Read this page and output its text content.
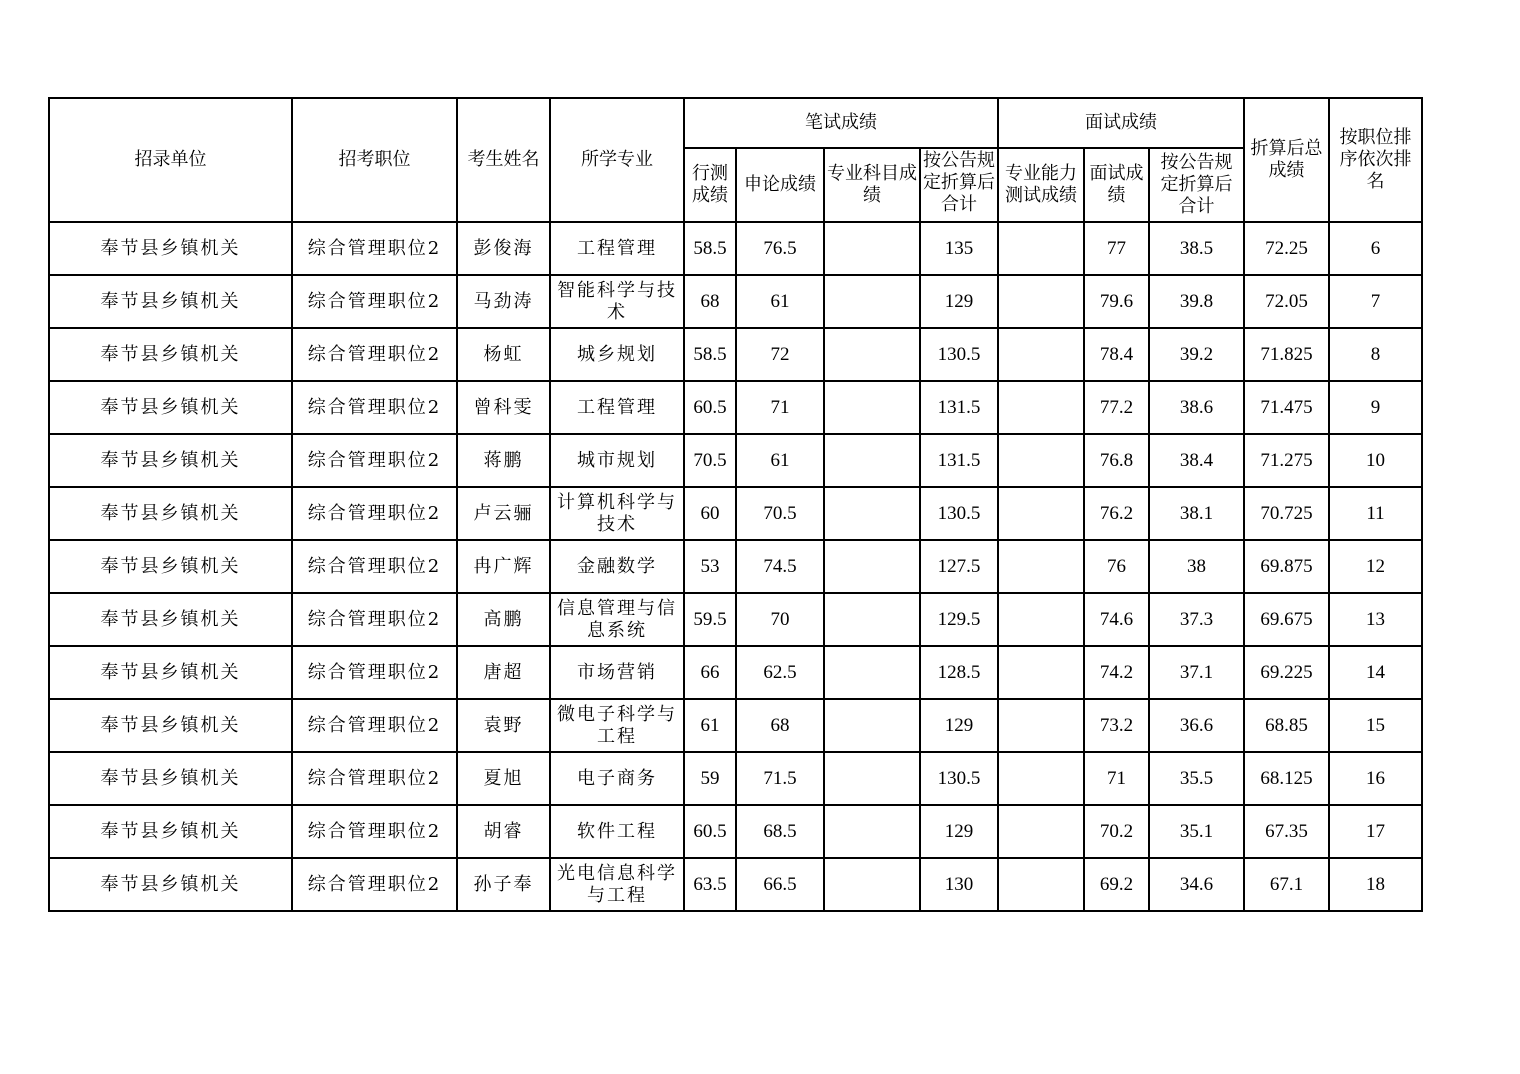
招录单位	招考职位	考生姓名	所学专业	笔试成绩				面试成绩			折算后总成绩	按职位排序依次排名
				行测成绩	申论成绩	专业科目成绩	按公告规定折算后合计	专业能力测试成绩	面试成绩	按公告规定折算后合计		
奉节县乡镇机关	综合管理职位2	彭俊海	工程管理	58.5	76.5		135		77	38.5	72.25	6
奉节县乡镇机关	综合管理职位2	马劲涛	智能科学与技术	68	61		129		79.6	39.8	72.05	7
奉节县乡镇机关	综合管理职位2	杨虹	城乡规划	58.5	72		130.5		78.4	39.2	71.825	8
奉节县乡镇机关	综合管理职位2	曾科雯	工程管理	60.5	71		131.5		77.2	38.6	71.475	9
奉节县乡镇机关	综合管理职位2	蒋鹏	城市规划	70.5	61		131.5		76.8	38.4	71.275	10
奉节县乡镇机关	综合管理职位2	卢云骊	计算机科学与技术	60	70.5		130.5		76.2	38.1	70.725	11
奉节县乡镇机关	综合管理职位2	冉广辉	金融数学	53	74.5		127.5		76	38	69.875	12
奉节县乡镇机关	综合管理职位2	高鹏	信息管理与信息系统	59.5	70		129.5		74.6	37.3	69.675	13
奉节县乡镇机关	综合管理职位2	唐超	市场营销	66	62.5		128.5		74.2	37.1	69.225	14
奉节县乡镇机关	综合管理职位2	袁野	微电子科学与工程	61	68		129		73.2	36.6	68.85	15
奉节县乡镇机关	综合管理职位2	夏旭	电子商务	59	71.5		130.5		71	35.5	68.125	16
奉节县乡镇机关	综合管理职位2	胡睿	软件工程	60.5	68.5		129		70.2	35.1	67.35	17
奉节县乡镇机关	综合管理职位2	孙子奉	光电信息科学与工程	63.5	66.5		130		69.2	34.6	67.1	18
